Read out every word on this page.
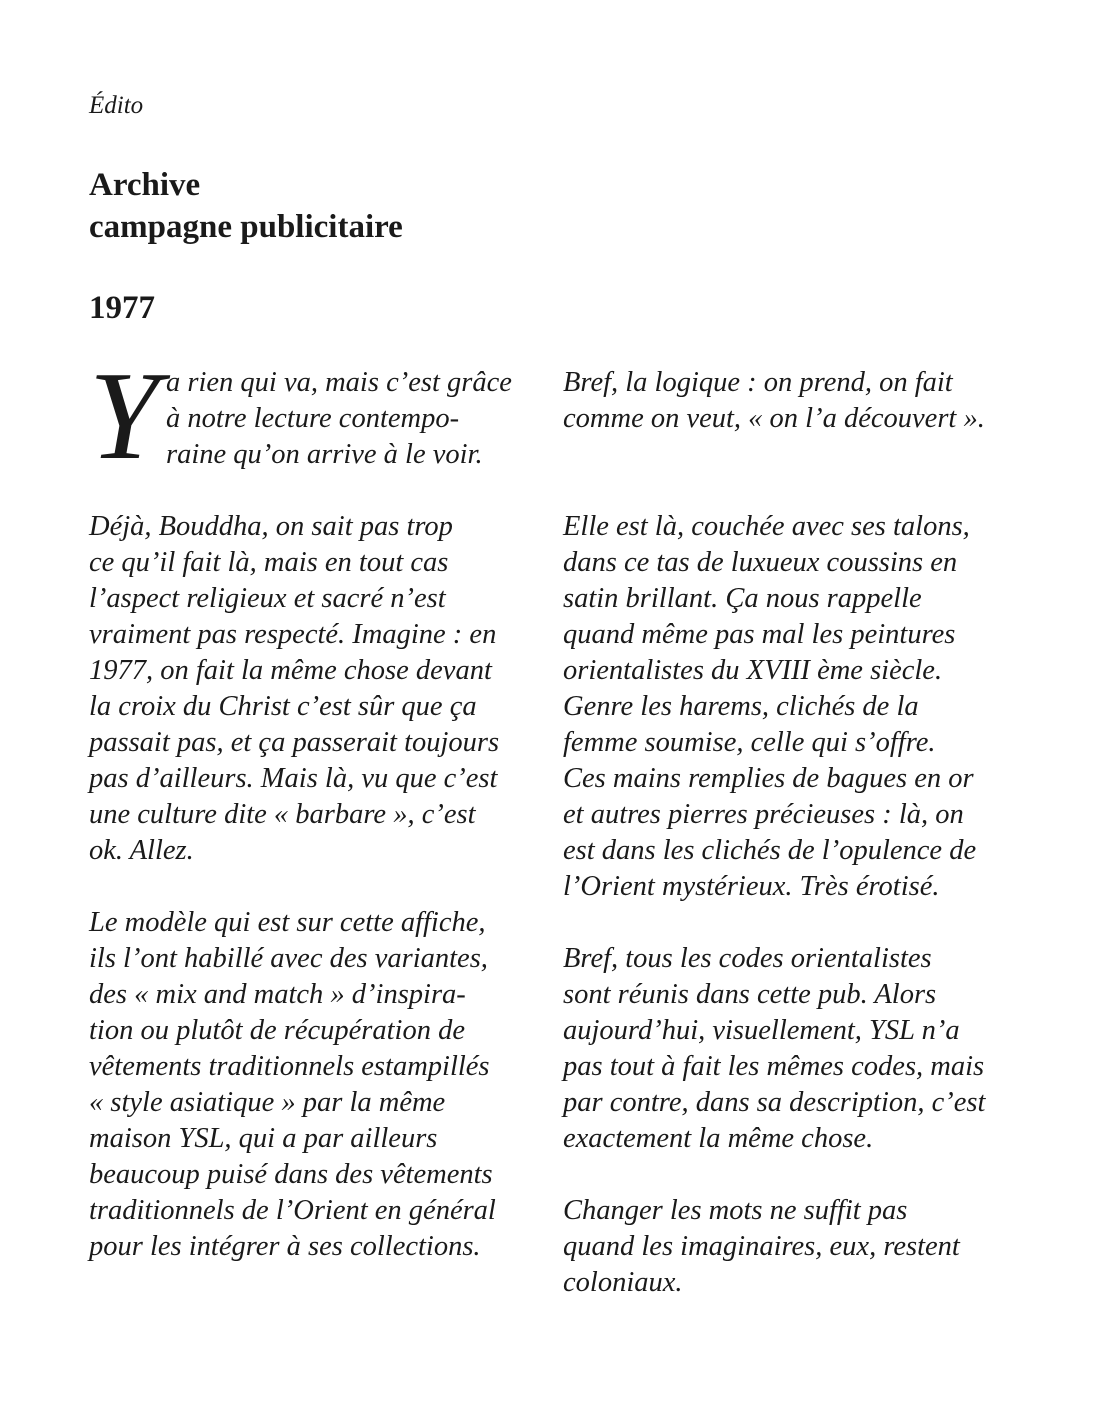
Édito

Archive
campagne publicitaire
1977
Y a rien qui va, mais c’est grâce
à notre lecture contempo-
raine qu’on arrive à le voir.

Déjà, Bouddha, on sait pas trop
ce qu’il fait là, mais en tout cas
l’aspect religieux et sacré n’est
vraiment pas respecté. Imagine : en
1977, on fait la même chose devant
la croix du Christ c’est sûr que ça
passait pas, et ça passerait toujours
pas d’ailleurs. Mais là, vu que c’est
une culture dite « barbare », c’est
ok. Allez.

Le modèle qui est sur cette affiche,
ils l’ont habillé avec des variantes,
des « mix and match » d’inspira-
tion ou plutôt de récupération de
vêtements traditionnels estampillés
« style asiatique » par la même
maison YSL, qui a par ailleurs
beaucoup puisé dans des vêtements
traditionnels de l’Orient en général
pour les intégrer à ses collections.

Bref, la logique : on prend, on fait
comme on veut, « on l’a découvert ».

Elle est là, couchée avec ses talons,
dans ce tas de luxueux coussins en
satin brillant. Ça nous rappelle
quand même pas mal les peintures
orientalistes du XVIII ème siècle.
Genre les harems, clichés de la
femme soumise, celle qui s’offre.
Ces mains remplies de bagues en or
et autres pierres précieuses : là, on
est dans les clichés de l’opulence de
l’Orient mystérieux. Très érotisé.

Bref, tous les codes orientalistes
sont réunis dans cette pub. Alors
aujourd’hui, visuellement, YSL n’a
pas tout à fait les mêmes codes, mais
par contre, dans sa description, c’est
exactement la même chose.

Changer les mots ne suffit pas
quand les imaginaires, eux, restent
coloniaux.
